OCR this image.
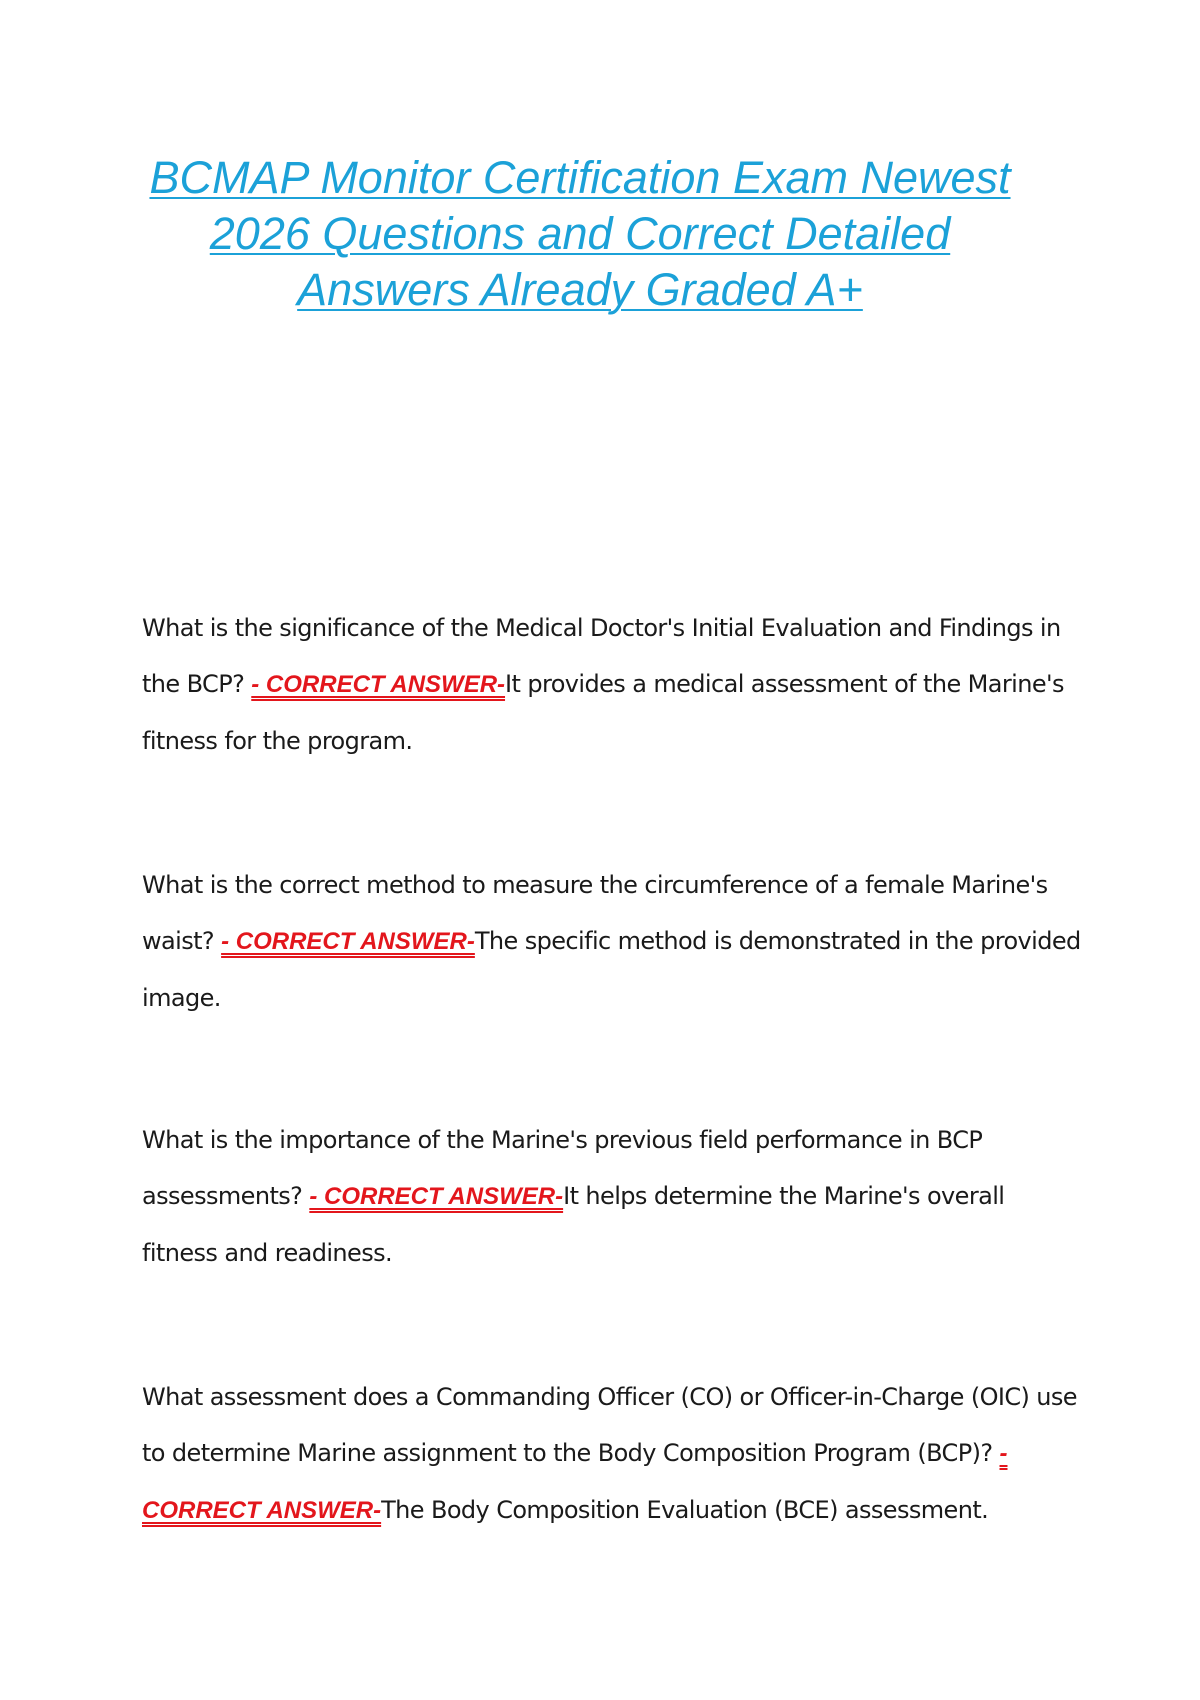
BCMAP Monitor Certification Exam Newest 2026 Questions and Correct Detailed Answers Already Graded A+

What is the significance of the Medical Doctor's Initial Evaluation and Findings in the BCP? - CORRECT ANSWER-It provides a medical assessment of the Marine's fitness for the program.

What is the correct method to measure the circumference of a female Marine's waist? - CORRECT ANSWER-The specific method is demonstrated in the provided image.

What is the importance of the Marine's previous field performance in BCP assessments? - CORRECT ANSWER-It helps determine the Marine's overall fitness and readiness.

What assessment does a Commanding Officer (CO) or Officer-in-Charge (OIC) use to determine Marine assignment to the Body Composition Program (BCP)? - CORRECT ANSWER-The Body Composition Evaluation (BCE) assessment.
